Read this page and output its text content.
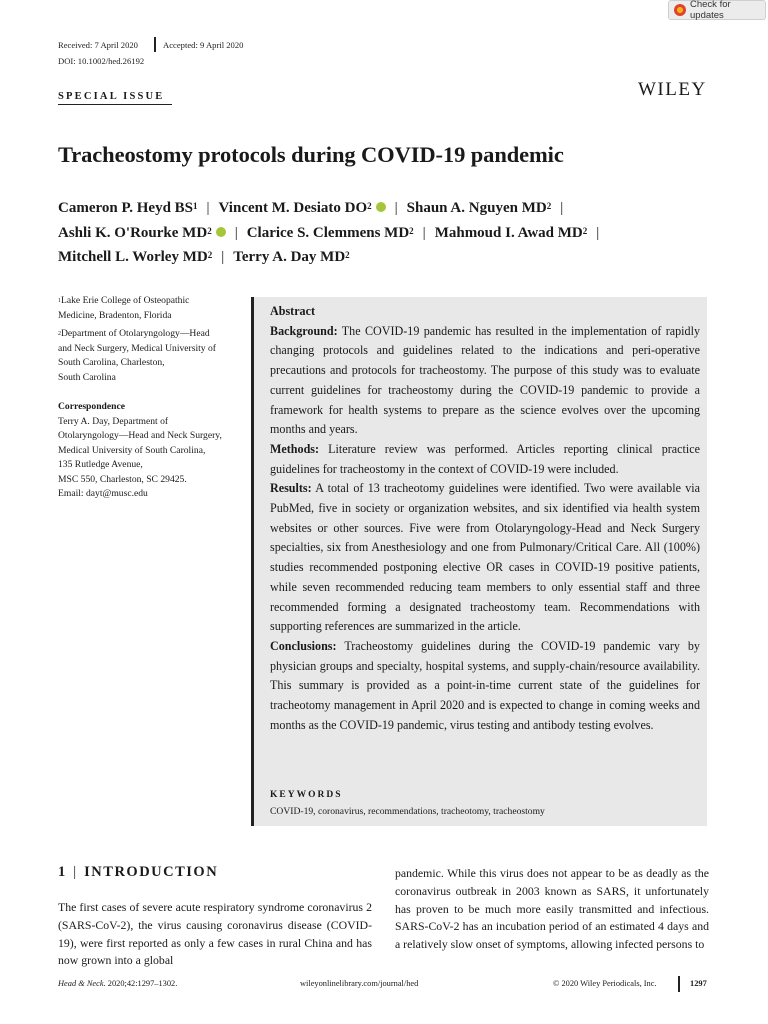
Check for updates
Received: 7 April 2020	Accepted: 9 April 2020
DOI: 10.1002/hed.26192
SPECIAL ISSUE	WILEY
Tracheostomy protocols during COVID-19 pandemic
Cameron P. Heyd $BS^1$ | Vincent M. Desiato $DO^2iD$ | Shaun A. Nguyen $MD^2$ |
Ashli K. O'Rourke $MD^2iD$ | Clarice S. Clemmens $MD^2$ | Mahmoud I. Awad $MD^2$ |
Mitchell L. Worley $MD^2$ | Terry A. Day $MD^2$
$^1$Lake Erie College of Osteopathic
Medicine, Bradenton, Florida
$^2$Department of Otolaryngology—Head
and Neck Surgery, Medical University of
South Carolina, Charleston,
South Carolina
Correspondence
Terry A. Day, Department of
Otolaryngology—Head and Neck Surgery,
Medical University of South Carolina,
135 Rutledge Avenue,
MSC 550, Charleston, SC 29425.
Email: dayt@musc.edu

Abstract

Background: The COVID-19 pandemic has resulted in the implementation of rapidly changing protocols and guidelines related to the indications and peri-operative precautions and protocols for tracheostomy. The purpose of this study was to evaluate current guidelines for tracheostomy during the COVID-19 pandemic to provide a framework for health systems to prepare as the science evolves over the upcoming months and years.

Methods: Literature review was performed. Articles reporting clinical practice guidelines for tracheostomy in the context of COVID-19 were included.

Results: A total of 13 tracheotomy guidelines were identified. Two were available via PubMed, five in society or organization websites, and six identified via health system websites or other sources. Five were from Otolaryngology-Head and Neck Surgery specialties, six from Anesthesiology and one from Pulmonary/Critical Care. All (100%) studies recommended postponing elective OR cases in COVID-19 positive patients, while seven recommended reducing team members to only essential staff and three recommended forming a designated tracheostomy team. Recommendations with supporting references are summarized in the article.

Conclusions: Tracheostomy guidelines during the COVID-19 pandemic vary by physician groups and specialty, hospital systems, and supply-chain/resource availability. This summary is provided as a point-in-time current state of the guidelines for tracheotomy management in April 2020 and is expected to change in coming weeks and months as the COVID-19 pandemic, virus testing and antibody testing evolves.

KEYWORDS
COVID-19, coronavirus, recommendations, tracheotomy, tracheostomy
1 | INTRODUCTION

The first cases of severe acute respiratory syndrome coronavirus 2 (SARS-CoV-2), the virus causing coronavirus disease (COVID-19), were first reported as only a few cases in rural China and has now grown into a global

pandemic. While this virus does not appear to be as deadly as the coronavirus outbreak in 2003 known as SARS, it unfortunately has proven to be much more easily transmitted and infectious. SARS-CoV-2 has an incubation period of an estimated 4 days and a relatively slow onset of symptoms, allowing infected persons to

Head & Neck. 2020;42:1297–1302.	wileyonlinelibrary.com/journal/hed	© 2020 Wiley Periodicals, Inc.	1297
